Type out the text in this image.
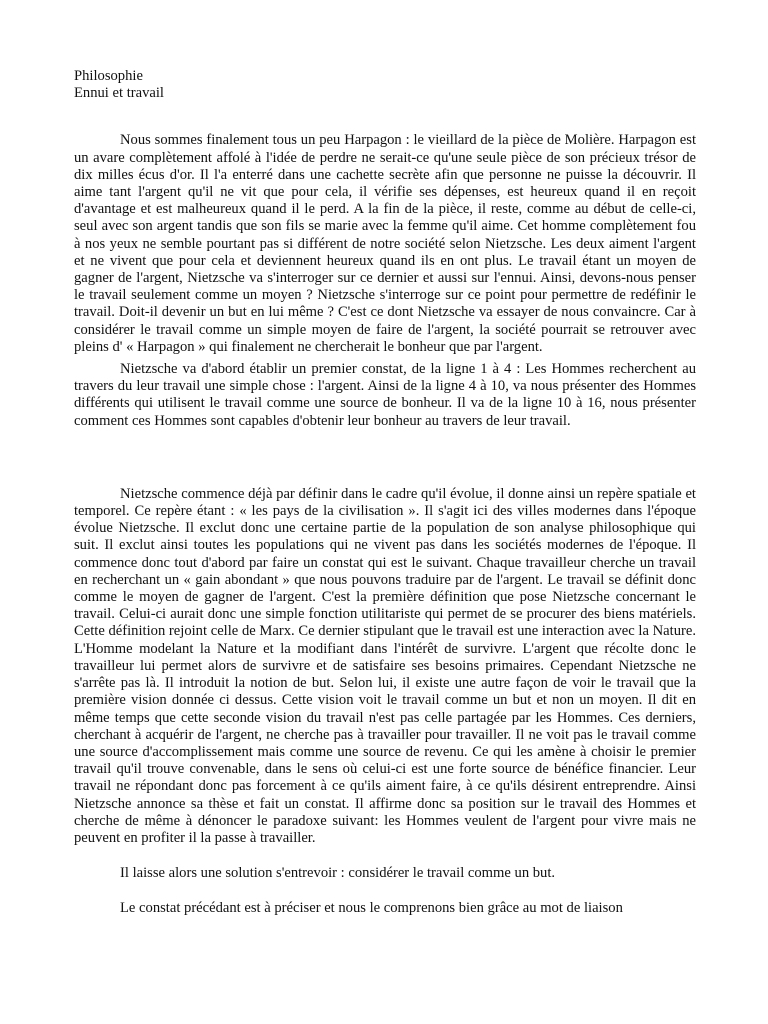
Philosophie
Ennui et travail

Nous sommes finalement tous un peu Harpagon : le vieillard de la pièce de Molière. Harpagon est un avare complètement affolé à l'idée de perdre ne serait-ce qu'une seule pièce de son précieux trésor de dix milles écus d'or. Il l'a enterré dans une cachette secrète afin que personne ne puisse la découvrir. Il aime tant l'argent qu'il ne vit que pour cela, il vérifie ses dépenses, est heureux quand il en reçoit d'avantage et est malheureux quand il le perd. A la fin de la pièce, il reste, comme au début de celle-ci, seul avec son argent tandis que son fils se marie avec la femme qu'il aime. Cet homme complètement fou à nos yeux ne semble pourtant pas si différent de notre société selon Nietzsche. Les deux aiment l'argent et ne vivent que pour cela et deviennent heureux quand ils en ont plus. Le travail étant un moyen de gagner de l'argent, Nietzsche va s'interroger sur ce dernier et aussi sur l'ennui. Ainsi, devons-nous penser le travail seulement comme un moyen ? Nietzsche s'interroge sur ce point pour permettre de redéfinir le travail. Doit-il devenir un but en lui même ? C'est ce dont Nietzsche va essayer de nous convaincre. Car à considérer le travail comme un simple moyen de faire de l'argent, la société pourrait se retrouver avec pleins d' « Harpagon » qui finalement ne chercherait le bonheur que par l'argent.

Nietzsche va d'abord établir un premier constat, de la ligne 1 à 4 : Les Hommes recherchent au travers du leur travail une simple chose : l'argent. Ainsi de la ligne 4 à 10, va nous présenter des Hommes différents qui utilisent le travail comme une source de bonheur. Il va de la ligne 10 à 16, nous présenter comment ces Hommes sont capables d'obtenir leur bonheur au travers de leur travail.

Nietzsche commence déjà par définir dans le cadre qu'il évolue, il donne ainsi un repère spatiale et temporel. Ce repère étant : « les pays de la civilisation ». Il s'agit ici des villes modernes dans l'époque évolue Nietzsche. Il exclut donc une certaine partie de la population de son analyse philosophique qui suit. Il exclut ainsi toutes les populations qui ne vivent pas dans les sociétés modernes de l'époque. Il commence donc tout d'abord par faire un constat qui est le suivant. Chaque travailleur cherche un travail en recherchant un « gain abondant » que nous pouvons traduire par de l'argent. Le travail se définit donc comme le moyen de gagner de l'argent. C'est la première définition que pose Nietzsche concernant le travail. Celui-ci aurait donc une simple fonction utilitariste qui permet de se procurer des biens matériels. Cette définition rejoint celle de Marx. Ce dernier stipulant que le travail est une interaction avec la Nature. L'Homme modelant la Nature et la modifiant dans l'intérêt de survivre. L'argent que récolte donc le travailleur lui permet alors de survivre et de satisfaire ses besoins primaires. Cependant Nietzsche ne s'arrête pas là. Il introduit la notion de but. Selon lui, il existe une autre façon de voir le travail que la première vision donnée ci dessus. Cette vision voit le travail comme un but et non un moyen. Il dit en même temps que cette seconde vision du travail n'est pas celle partagée par les Hommes. Ces derniers, cherchant à acquérir de l'argent, ne cherche pas à travailler pour travailler. Il ne voit pas le travail comme une source d'accomplissement mais comme une source de revenu. Ce qui les amène à choisir le premier travail qu'il trouve convenable, dans le sens où celui-ci est une forte source de bénéfice financier. Leur travail ne répondant donc pas forcement à ce qu'ils aiment faire, à ce qu'ils désirent entreprendre. Ainsi Nietzsche annonce sa thèse et fait un constat. Il affirme donc sa position sur le travail des Hommes et cherche de même à dénoncer le paradoxe suivant: les Hommes veulent de l'argent pour vivre mais ne peuvent en profiter il la passe à travailler.

Il laisse alors une solution s'entrevoir : considérer le travail comme un but.

Le constat précédant est à préciser et nous le comprenons bien grâce au mot de liaison
